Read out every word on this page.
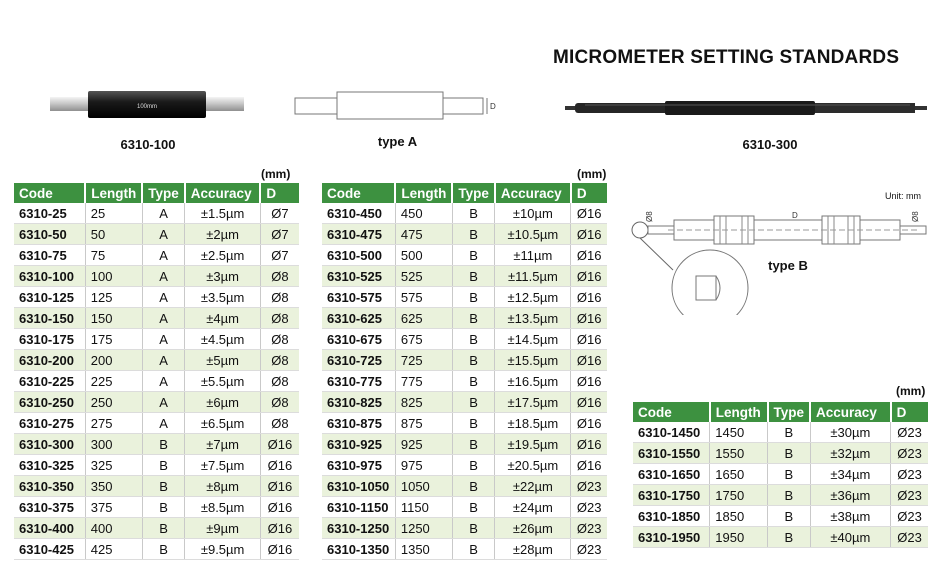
MICROMETER SETTING STANDARDS
100mm
6310-100
D
type A	6310-300
Unit: mm
D
Ø8	Ø8
type B
(mm)	(mm)
(mm)
Code	Length	Type	Accuracy	D
6310-25	25	A	±1.5µm	Ø7
6310-50	50	A	±2µm	Ø7
6310-75	75	A	±2.5µm	Ø7
6310-100	100	A	±3µm	Ø8
6310-125	125	A	±3.5µm	Ø8
6310-150	150	A	±4µm	Ø8
6310-175	175	A	±4.5µm	Ø8
6310-200	200	A	±5µm	Ø8
6310-225	225	A	±5.5µm	Ø8
6310-250	250	A	±6µm	Ø8
6310-275	275	A	±6.5µm	Ø8
6310-300	300	B	±7µm	Ø16
6310-325	325	B	±7.5µm	Ø16
6310-350	350	B	±8µm	Ø16
6310-375	375	B	±8.5µm	Ø16
6310-400	400	B	±9µm	Ø16
6310-425	425	B	±9.5µm	Ø16
Code	Length	Type	Accuracy	D
6310-450	450	B	±10µm	Ø16
6310-475	475	B	±10.5µm	Ø16
6310-500	500	B	±11µm	Ø16
6310-525	525	B	±11.5µm	Ø16
6310-575	575	B	±12.5µm	Ø16
6310-625	625	B	±13.5µm	Ø16
6310-675	675	B	±14.5µm	Ø16
6310-725	725	B	±15.5µm	Ø16
6310-775	775	B	±16.5µm	Ø16
6310-825	825	B	±17.5µm	Ø16
6310-875	875	B	±18.5µm	Ø16
6310-925	925	B	±19.5µm	Ø16
6310-975	975	B	±20.5µm	Ø16
6310-1050	1050	B	±22µm	Ø23
6310-1150	1150	B	±24µm	Ø23
6310-1250	1250	B	±26µm	Ø23
6310-1350	1350	B	±28µm	Ø23
Code	Length	Type	Accuracy	D
6310-1450	1450	B	±30µm	Ø23
6310-1550	1550	B	±32µm	Ø23
6310-1650	1650	B	±34µm	Ø23
6310-1750	1750	B	±36µm	Ø23
6310-1850	1850	B	±38µm	Ø23
6310-1950	1950	B	±40µm	Ø23
